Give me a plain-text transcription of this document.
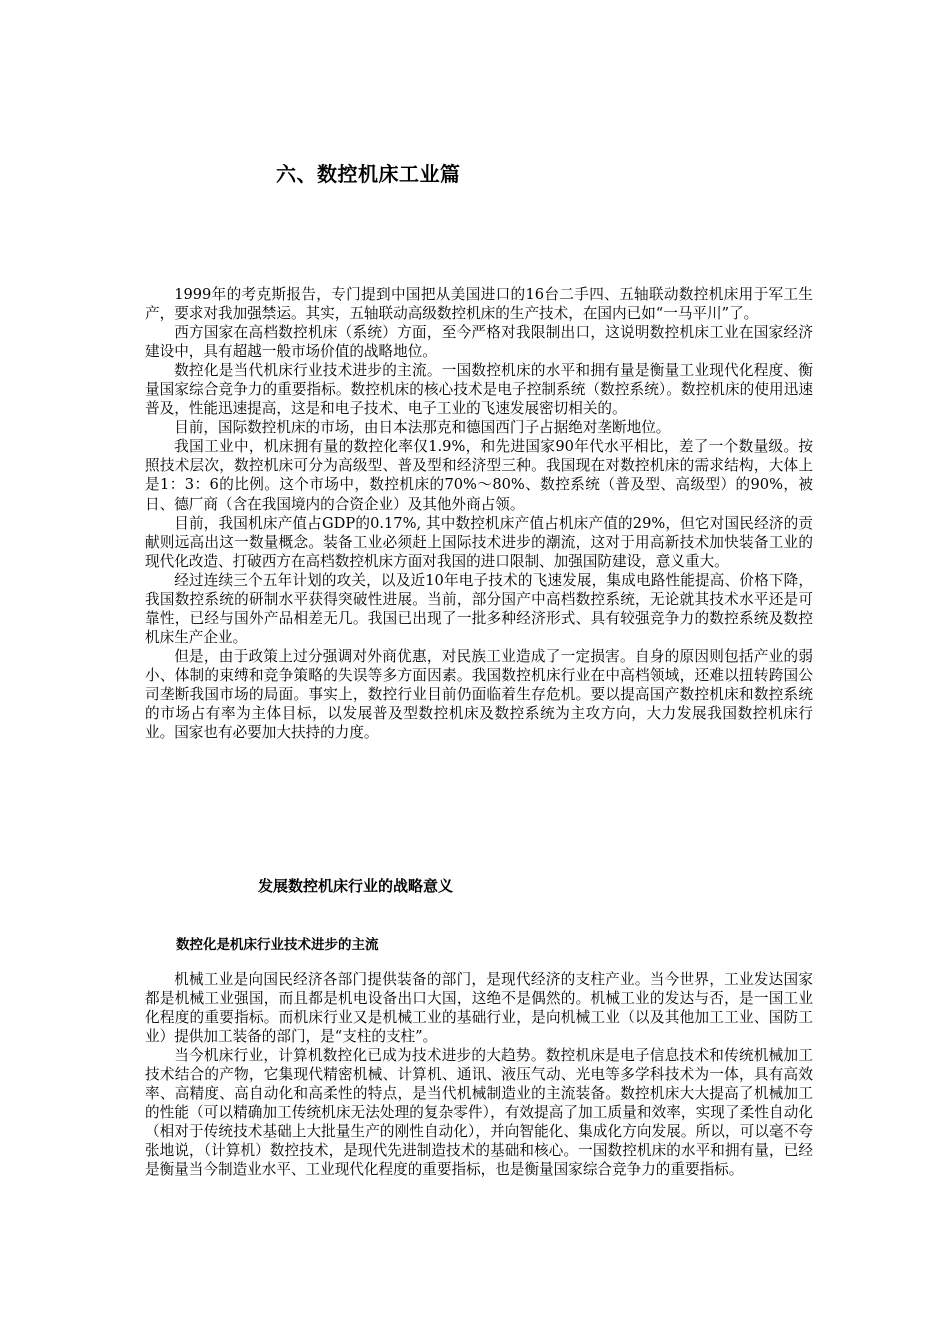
六、数控机床工业篇

1999年的考克斯报告，专门提到中国把从美国进口的16台二手四、五轴联动数控机床用于军工生产，要求对我加强禁运。其实，五轴联动高级数控机床的生产技术，在国内已如“一马平川”了。

西方国家在高档数控机床（系统）方面，至今严格对我限制出口，这说明数控机床工业在国家经济建设中，具有超越一般市场价值的战略地位。

数控化是当代机床行业技术进步的主流。一国数控机床的水平和拥有量是衡量工业现代化程度、衡量国家综合竞争力的重要指标。数控机床的核心技术是电子控制系统（数控系统）。数控机床的使用迅速普及，性能迅速提高，这是和电子技术、电子工业的飞速发展密切相关的。

目前，国际数控机床的市场，由日本法那克和德国西门子占据绝对垄断地位。

我国工业中，机床拥有量的数控化率仅1.9%，和先进国家90年代水平相比，差了一个数量级。按照技术层次，数控机床可分为高级型、普及型和经济型三种。我国现在对数控机床的需求结构，大体上是1：3：6的比例。这个市场中，数控机床的70%～80%、数控系统（普及型、高级型）的90%，被日、德厂商（含在我国境内的合资企业）及其他外商占领。

目前，我国机床产值占GDP的0.17%, 其中数控机床产值占机床产值的29%，但它对国民经济的贡献则远高出这一数量概念。装备工业必须赶上国际技术进步的潮流，这对于用高新技术加快装备工业的现代化改造、打破西方在高档数控机床方面对我国的进口限制、加强国防建设，意义重大。

经过连续三个五年计划的攻关，以及近10年电子技术的飞速发展，集成电路性能提高、价格下降，我国数控系统的研制水平获得突破性进展。当前，部分国产中高档数控系统，无论就其技术水平还是可靠性，已经与国外产品相差无几。我国已出现了一批多种经济形式、具有较强竞争力的数控系统及数控机床生产企业。

但是，由于政策上过分强调对外商优惠，对民族工业造成了一定损害。自身的原因则包括产业的弱小、体制的束缚和竞争策略的失误等多方面因素。我国数控机床行业在中高档领域，还难以扭转跨国公司垄断我国市场的局面。事实上，数控行业目前仍面临着生存危机。要以提高国产数控机床和数控系统的市场占有率为主体目标，以发展普及型数控机床及数控系统为主攻方向，大力发展我国数控机床行业。国家也有必要加大扶持的力度。

发展数控机床行业的战略意义
数控化是机床行业技术进步的主流

机械工业是向国民经济各部门提供装备的部门，是现代经济的支柱产业。当今世界，工业发达国家都是机械工业强国，而且都是机电设备出口大国，这绝不是偶然的。机械工业的发达与否，是一国工业化程度的重要指标。而机床行业又是机械工业的基础行业，是向机械工业（以及其他加工工业、国防工业）提供加工装备的部门，是“支柱的支柱”。

当今机床行业，计算机数控化已成为技术进步的大趋势。数控机床是电子信息技术和传统机械加工技术结合的产物，它集现代精密机械、计算机、通讯、液压气动、光电等多学科技术为一体，具有高效率、高精度、高自动化和高柔性的特点，是当代机械制造业的主流装备。数控机床大大提高了机械加工的性能（可以精确加工传统机床无法处理的复杂零件），有效提高了加工质量和效率，实现了柔性自动化（相对于传统技术基础上大批量生产的刚性自动化），并向智能化、集成化方向发展。所以，可以毫不夸张地说，（计算机）数控技术，是现代先进制造技术的基础和核心。一国数控机床的水平和拥有量，已经是衡量当今制造业水平、工业现代化程度的重要指标，也是衡量国家综合竞争力的重要指标。
